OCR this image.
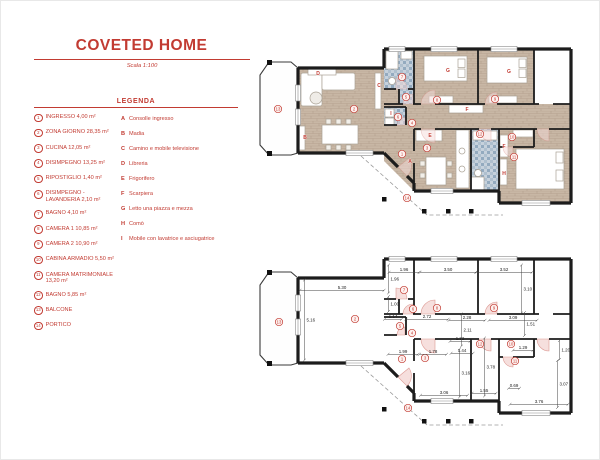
COVETED HOME
Scala 1:100
LEGENDA
1	INGRESSO 4,00 m²
2	ZONA GIORNO 28,35 m²
3	CUCINA 12,05 m²
4	DISIMPEGNO 13,25 m²
5	RIPOSTIGLIO 1,40 m²
6	DISIMPEGNO - LAVANDERIA 2,10 m²
7	BAGNO 4,10 m²
8	CAMERA 1 10,85 m²
9	CAMERA 2 10,90 m²
10 CABINA ARMADIO 5,50 m²
11 CAMERA MATRIMONIALE 13,20 m²
12 BAGNO 5,85 m²
13 BALCONE
14 PORTICO
A Consolle ingresso
B Madia
C Camino e mobile televisione
D Libreria
E Frigorifero
F Scarpiera
G Letto una piazza e mezza
H Comò
I	Mobile con lavatrice e asciugatrice
1
2
3
4
5
6
7
8	9
10
11
12
13
14
A
B
C
D
E
F
F
G	G
H
I
1
2
3
4
5
6
7
8	9
10
11
12
13
14
5.30
1.96	3.50	3.52
1.14	2.72	2.28	3.09
1.32
1.99	1.78	1.44
1.29
1.55
0.69
3.06
3.76
5.16
1.96
1.00
3.10
1.51
2.11
3.16
3.78
1.20
3.07
